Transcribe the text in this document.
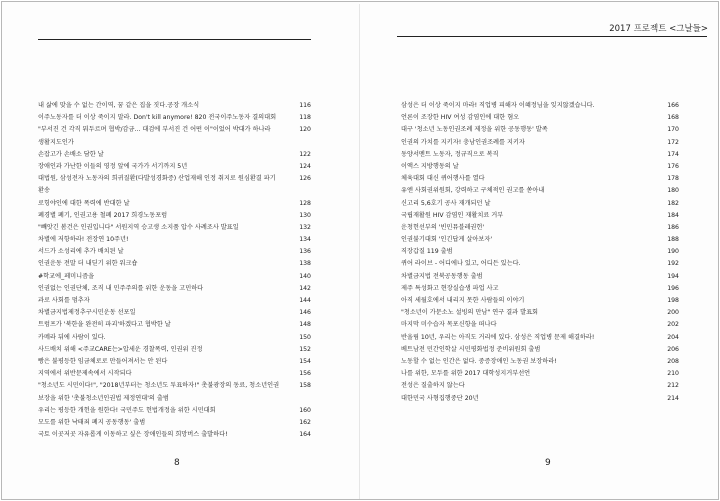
내 삶에 맞을 수 없는 간이역, 꿈 같은 집을 짓다.공장 개소식	116
이주노동자를 더 이상 죽이지 말라. Don't kill anymore! 820 전국이주노동자 결의대회	118
"부서진 건 각직 뭐두르며 협박/감금... 대검에 부서진 건 어떤 이"이었어 박대가 하나라	120
생활지도인가
손잡고가 손배소 담한 날	122
장애인과 가난한 이들의 영정 앞에 국가가 서기까지 5년	124
대법원, 삼성전자 노동자의 희귀질환(다발성경화증) 산업재해 인정 취지로 원심환결 파기	126
환송
로힝야인에 대한 폭력에 반대한 날	128
폐경별 폐기, 인권고용 철폐 2017 희경노동포럼	130
"빼앗긴 봄건은 인권입니다" 서원지역 승고생 소지품 압수 사례조사 발표일	132
차별에 저항하라! 전장연 10주년!	134
서드가 소성리에 추가 배치된 날	136
인권운동 전말 더 내딛기 위한 워크숍	138
#학교에_페미니즘을	140
인권없는 인권단체, 조직 내 민주주의를 위한 운동을 고민하다	142
과로 사회를 멈추자	144
차별금지법제정추구시민운동 선포일	146
트럼프가 '북한을 완전히 파괴'하겠다고 협박한 날	148
카메라 뒤에 사람이 있다.	150
사드배치 위해 <주교CARE는>압세운 경찰폭력, 인권위 진정	152
빵은 불평등한 임금체로로 만들어져서는 안 된다	154
지역에서 위반문제속에서 시작되다	156
"청소년도 시민이다!", "2018년부터는 청소년도 투표하자!" 촛불광장의 동료, 청소년인권	158
보장을 위한 '촛불청소년인권법 제정연대'의 출범
우리는 평등한 개헌을 원한다! 국민주도 헌법개정을 위한 시민대회	160
모도를 위한 낙태죄 폐지 공동행동' 출범	162
국토 이곳저곳 자유롭게 이동하고 싶은 장애인들의 희망버스 출발하다!	164
8
2017 프로젝트 <그날들>
삼성은 더 이상 죽이지 마라! 직업병 피해자 이혜정님을 잊지않겠습니다.	166
언론이 조장한 HIV 여성 감염인에 대한 혐오	168
대구 '청소년 노동인권조례 제정을 위한 공동행동' 발족	170
인권의 가치를 지키자! 충남인권조례를 지키자	172
동양서멘트 노동자, 정규직으로 복직	174
이액스 지방행동의 날	176
체육대회 대신 퀴어행사를 열다	178
유엔 사회권위원회, 강력하고 구체적인 권고를 쏟아내	180
신고리 5,6호기 공사 재개되던 날	182
국립재활원 HIV 감염인 재활치료 거부	184
운청헌선부의 '빈민뮤블레권헌'	186
인권불기대회 '인긴답게 살아보자'	188
직장갑질 119 출범	190
퀴어 라이브 - 어디에나 있고, 어디든 있는다.	192
차별금지법 전북공동행동 출범	194
제주 특성화고 현장실습생 파업 사고	196
아직 세월호에서 내리지 못한 사람들의 이야기	198
"청소년이 가문소노 설빙의 만남" 연구 결과 발표회	200
마지막 미수습자 목포신항을 떠나다	202
반올림 10년, 우리는 아직도 거리에 있다. 삼성은 직업병 문제 해결하라!	204
베트남전 민간인학살 시민평화법정 준비위원회 출범	206
노동할 수 없는 인간은 없다. 중증장애인 노동권 보장하라!	208
나를 위한, 모두를 위한 2017 대학성지거부선언	210
전성은 질출하지 않는다	212
대한민국 사형집행중단 20년	214
9
